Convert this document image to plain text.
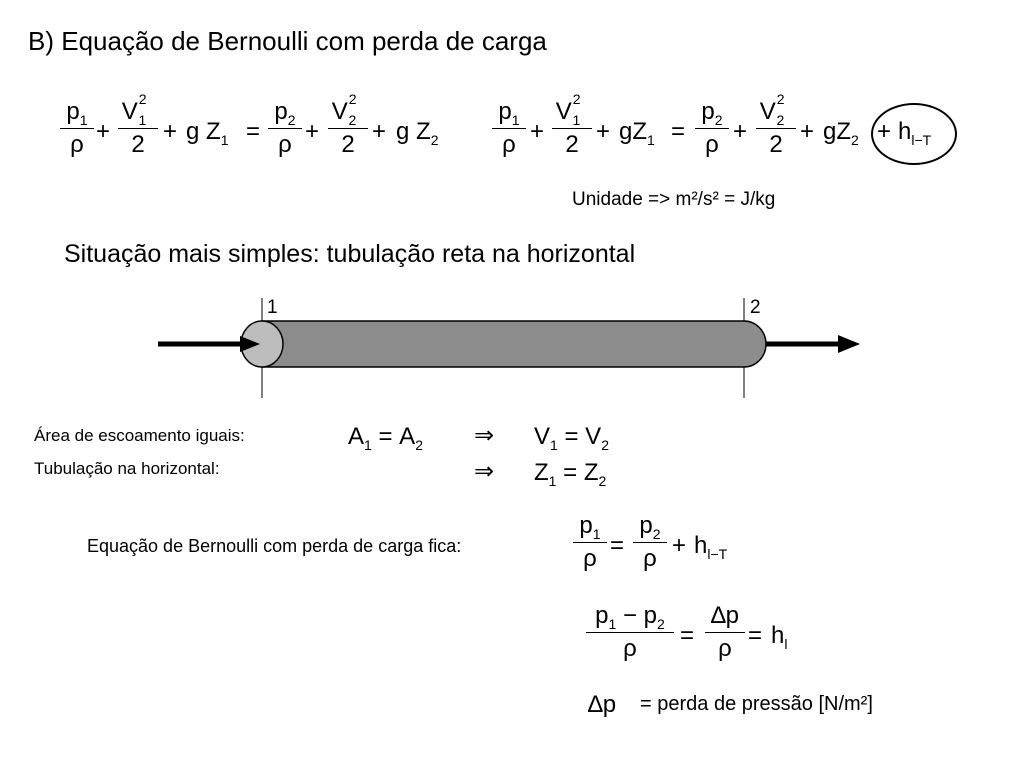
B) Equação de Bernoulli com perda de carga
$p_1$
ρ +
$V^2_1$
2 + g $Z_1$ =
$p_2$
ρ +
$V^2_2$
2 + g $Z_2$
$p_1$
ρ +
$V^2_1$
$2 + gZ_1$ =
$p_2$
ρ +
$V^2_2$
$2 + gZ_2 + h_{l-T}$
Unidade => m²/s² = J/kg
Situação mais simples: tubulação reta na horizontal
1	2
Área de escoamento iguais:
Tubulação na horizontal:
$A_1 = A_2$ ⇒ $V_1 = V_2$
⇒ $Z_1 = Z_2$
Equação de Bernoulli com perda de carga fica:
$p_1$
ρ =
$p_2$
$\rho + h_{l-T}$
$p_1 - p_2$
ρ	=
∆p
$\rho = h_l$
∆p = perda de pressão [N/m²]
